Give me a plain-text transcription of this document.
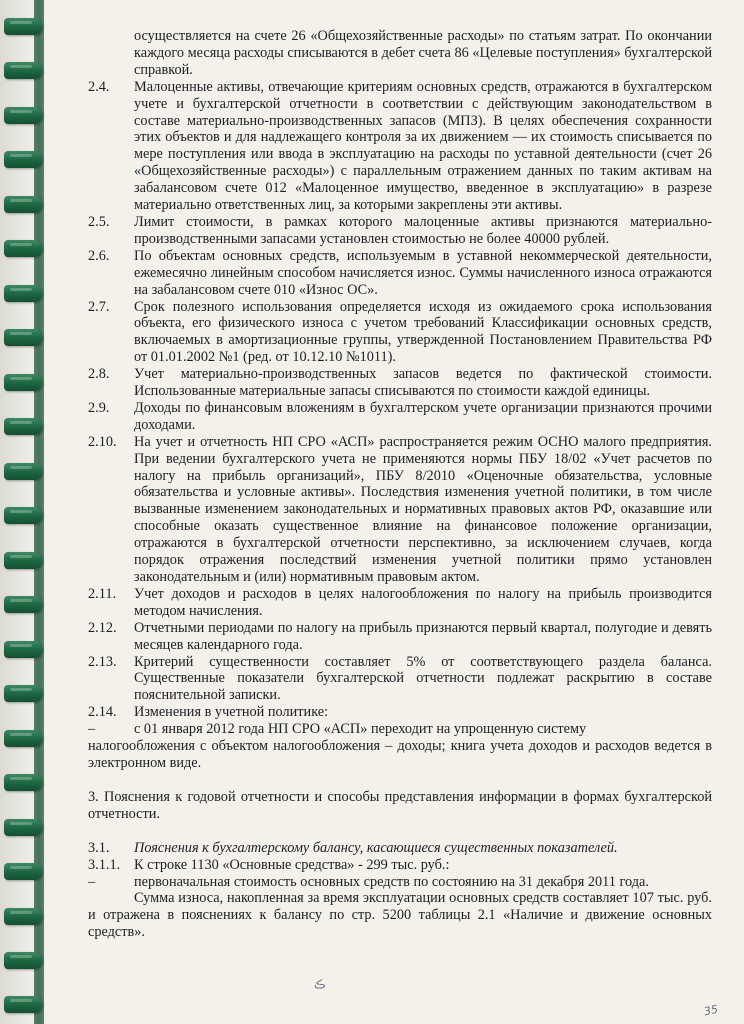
осуществляется на счете 26 «Общехозяйственные расходы» по статьям затрат. По окончании каждого месяца расходы списываются в дебет счета 86 «Целевые поступления» бухгалтерской справкой.
2.4.	Малоценные активы, отвечающие критериям основных средств, отражаются в бухгалтерском учете и бухгалтерской отчетности в соответствии с действующим законодательством в составе материально-производственных запасов (МПЗ). В целях обеспечения сохранности этих объектов и для надлежащего контроля за их движением — их стоимость списывается по мере поступления или ввода в эксплуатацию на расходы по уставной деятельности (счет 26 «Общехозяйственные расходы») с параллельным отражением данных по таким активам на забалансовом счете 012 «Малоценное имущество, введенное в эксплуатацию» в разрезе материально ответственных лиц, за которыми закреплены эти активы.
2.5.	Лимит стоимости, в рамках которого малоценные активы признаются материально-производственными запасами установлен стоимостью не более 40000 рублей.
2.6.	По объектам основных средств, используемым в уставной некоммерческой деятельности, ежемесячно линейным способом начисляется износ. Суммы начисленного износа отражаются на забалансовом счете 010 «Износ ОС».
2.7.	Срок полезного использования определяется исходя из ожидаемого срока использования объекта, его физического износа с учетом требований Классификации основных средств, включаемых в амортизационные группы, утвержденной Постановлением Правительства РФ от 01.01.2002 №1 (ред. от 10.12.10 №1011).
2.8.	Учет материально-производственных запасов ведется по фактической стоимости. Использованные материальные запасы списываются по стоимости каждой единицы.
2.9.	Доходы по финансовым вложениям в бухгалтерском учете организации признаются прочими доходами.
2.10.	На учет и отчетность НП СРО «АСП» распространяется режим ОСНО малого предприятия. При ведении бухгалтерского учета не применяются нормы ПБУ 18/02 «Учет расчетов по налогу на прибыль организаций», ПБУ 8/2010 «Оценочные обязательства, условные обязательства и условные активы». Последствия изменения учетной политики, в том числе вызванные изменением законодательных и нормативных правовых актов РФ, оказавшие или способные оказать существенное влияние на финансовое положение организации, отражаются в бухгалтерской отчетности перспективно, за исключением случаев, когда порядок отражения последствий изменения учетной политики прямо установлен законодательным и (или) нормативным правовым актом.
2.11.	Учет доходов и расходов в целях налогообложения по налогу на прибыль производится методом начисления.
2.12.	Отчетными периодами по налогу на прибыль признаются первый квартал, полугодие и девять месяцев календарного года.
2.13.	Критерий существенности составляет 5% от соответствующего раздела баланса. Существенные показатели бухгалтерской отчетности подлежат раскрытию в составе пояснительной записки.
2.14.	Изменения в учетной политике:
–	с 01 января 2012 года НП СРО «АСП» переходит на упрощенную систему
налогообложения с объектом налогообложения – доходы; книга учета доходов и расходов ведется в электронном виде.
3. Пояснения к годовой отчетности и способы представления информации в формах бухгалтерской отчетности.
3.1.	Пояснения к бухгалтерскому балансу, касающиеся существенных показателей.
3.1.1. К строке 1130 «Основные средства» - 299 тыс. руб.:
–	первоначальная стоимость основных средств по состоянию на 31 декабря 2011 года.
Сумма износа, накопленная за время эксплуатации основных средств составляет 107 тыс. руб. и отражена в пояснениях к балансу по стр. 5200 таблицы 2.1 «Наличие и движение основных средств».
ڪ
35
